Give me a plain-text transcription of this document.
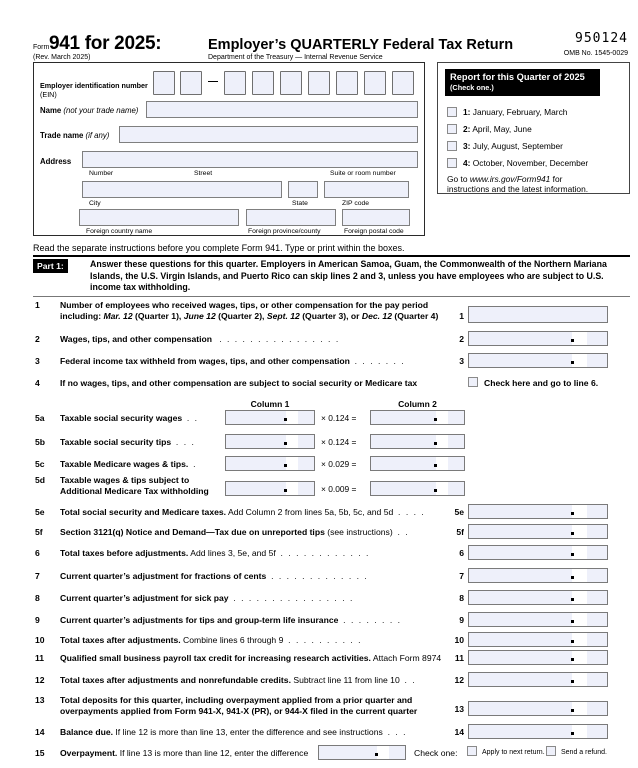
Form 941 for 2025:
(Rev. March 2025)
Employer’s QUARTERLY Federal Tax Return
Department of the Treasury — Internal Revenue Service
950124
OMB No. 1545-0029
Employer identification number (EIN)
—
Name (not your trade name)
Trade name (if any)
Address
Number	Street	Suite or room number
City	State	ZIP code
Foreign country name	Foreign province/county	Foreign postal code
Report for this Quarter of 2025
(Check one.)
1: January, February, March
2: April, May, June
3: July, August, September
4: October, November, December
Go to www.irs.gov/Form941 for
instructions and the latest information.
Read the separate instructions before you complete Form 941. Type or print within the boxes.
Part 1:	Answer these questions for this quarter. Employers in American Samoa, Guam, the Commonwealth of the Northern Mariana Islands, the U.S. Virgin Islands, and Puerto Rico can skip lines 2 and 3, unless you have employees who are subject to U.S. income tax withholding.
1 Number of employees who received wages, tips, or other compensation for the pay period
including: Mar. 12 (Quarter 1), June 12 (Quarter 2), Sept. 12 (Quarter 3), or Dec. 12 (Quarter 4)	1
2 Wages, tips, and other compensation . . . . . . . . . . . . . . . .	2
3 Federal income tax withheld from wages, tips, and other compensation . . . . . . .	3
4 If no wages, tips, and other compensation are subject to social security or Medicare tax	Check here and go to line 6.
Column 1	Column 2
5a Taxable social security wages . .	× 0.124 =
5b Taxable social security tips . . .	× 0.124 =
5c Taxable Medicare wages & tips. .	× 0.029 =
5d Taxable wages & tips subject to
Additional Medicare Tax withholding	× 0.009 =
5e Total social security and Medicare taxes. Add Column 2 from lines 5a, 5b, 5c, and 5d . . . .	5e
5f Section 3121(q) Notice and Demand—Tax due on unreported tips (see instructions) . .	5f
6 Total taxes before adjustments. Add lines 3, 5e, and 5f . . . . . . . . . . . .	6
7 Current quarter’s adjustment for fractions of cents . . . . . . . . . . . . .	7
8 Current quarter’s adjustment for sick pay . . . . . . . . . . . . . . . .	8
9 Current quarter’s adjustments for tips and group-term life insurance . . . . . . . .	9
10 Total taxes after adjustments. Combine lines 6 through 9 . . . . . . . . . .	10
11 Qualified small business payroll tax credit for increasing research activities. Attach Form 8974	11
12 Total taxes after adjustments and nonrefundable credits. Subtract line 11 from line 10 . .	12
13 Total deposits for this quarter, including overpayment applied from a prior quarter and
overpayments applied from Form 941-X, 941-X (PR), or 944-X filed in the current quarter	13
14 Balance due. If line 12 is more than line 13, enter the difference and see instructions . . .	14
15 Overpayment. If line 13 is more than line 12, enter the difference	Check one:	Apply to next return. Send a refund.
